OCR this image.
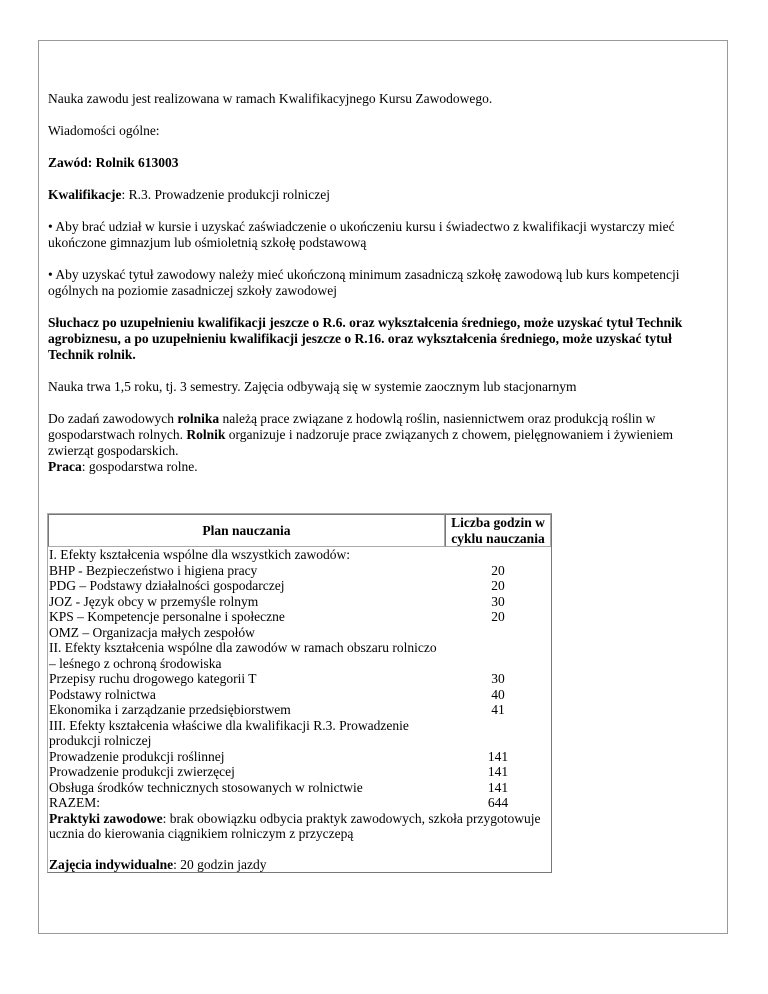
Nauka zawodu jest realizowana w ramach Kwalifikacyjnego Kursu Zawodowego.

Wiadomości ogólne:

Zawód: Rolnik 613003

Kwalifikacje: R.3. Prowadzenie produkcji rolniczej

• Aby brać udział w kursie i uzyskać zaświadczenie o ukończeniu kursu i świadectwo z kwalifikacji wystarczy mieć ukończone gimnazjum lub ośmioletnią szkołę podstawową

• Aby uzyskać tytuł zawodowy należy mieć ukończoną minimum zasadniczą szkołę zawodową lub kurs kompetencji ogólnych na poziomie zasadniczej szkoły zawodowej

Słuchacz po uzupełnieniu kwalifikacji jeszcze o R.6. oraz wykształcenia średniego, może uzyskać tytuł Technik agrobiznesu, a po uzupełnieniu kwalifikacji jeszcze o R.16. oraz wykształcenia średniego, może uzyskać tytuł Technik rolnik.

Nauka trwa 1,5 roku, tj. 3 semestry. Zajęcia odbywają się w systemie zaocznym lub stacjonarnym

Do zadań zawodowych rolnika należą prace związane z hodowlą roślin, nasiennictwem oraz produkcją roślin w gospodarstwach rolnych. Rolnik organizuje i nadzoruje prace związanych z chowem, pielęgnowaniem i żywieniem zwierząt gospodarskich.
Praca: gospodarstwa rolne.

Plan nauczania	Liczba godzin w
cyklu nauczania
I. Efekty kształcenia wspólne dla wszystkich zawodów:	
BHP - Bezpieczeństwo i higiena pracy	20
PDG – Podstawy działalności gospodarczej	20
JOZ - Język obcy w przemyśle rolnym	30
KPS – Kompetencje personalne i społeczne	20
OMZ – Organizacja małych zespołów	
II. Efekty kształcenia wspólne dla zawodów w ramach obszaru rolniczo – leśnego z ochroną środowiska	
Przepisy ruchu drogowego kategorii T	30
Podstawy rolnictwa	40
Ekonomika i zarządzanie przedsiębiorstwem	41
III. Efekty kształcenia właściwe dla kwalifikacji R.3. Prowadzenie produkcji rolniczej	
Prowadzenie produkcji roślinnej	141
Prowadzenie produkcji zwierzęcej	141
Obsługa środków technicznych stosowanych w rolnictwie	141
RAZEM:	644

Praktyki zawodowe: brak obowiązku odbycia praktyk zawodowych, szkoła przygotowuje ucznia do kierowania ciągnikiem rolniczym z przyczepą

Zajęcia indywidualne: 20 godzin jazdy	
